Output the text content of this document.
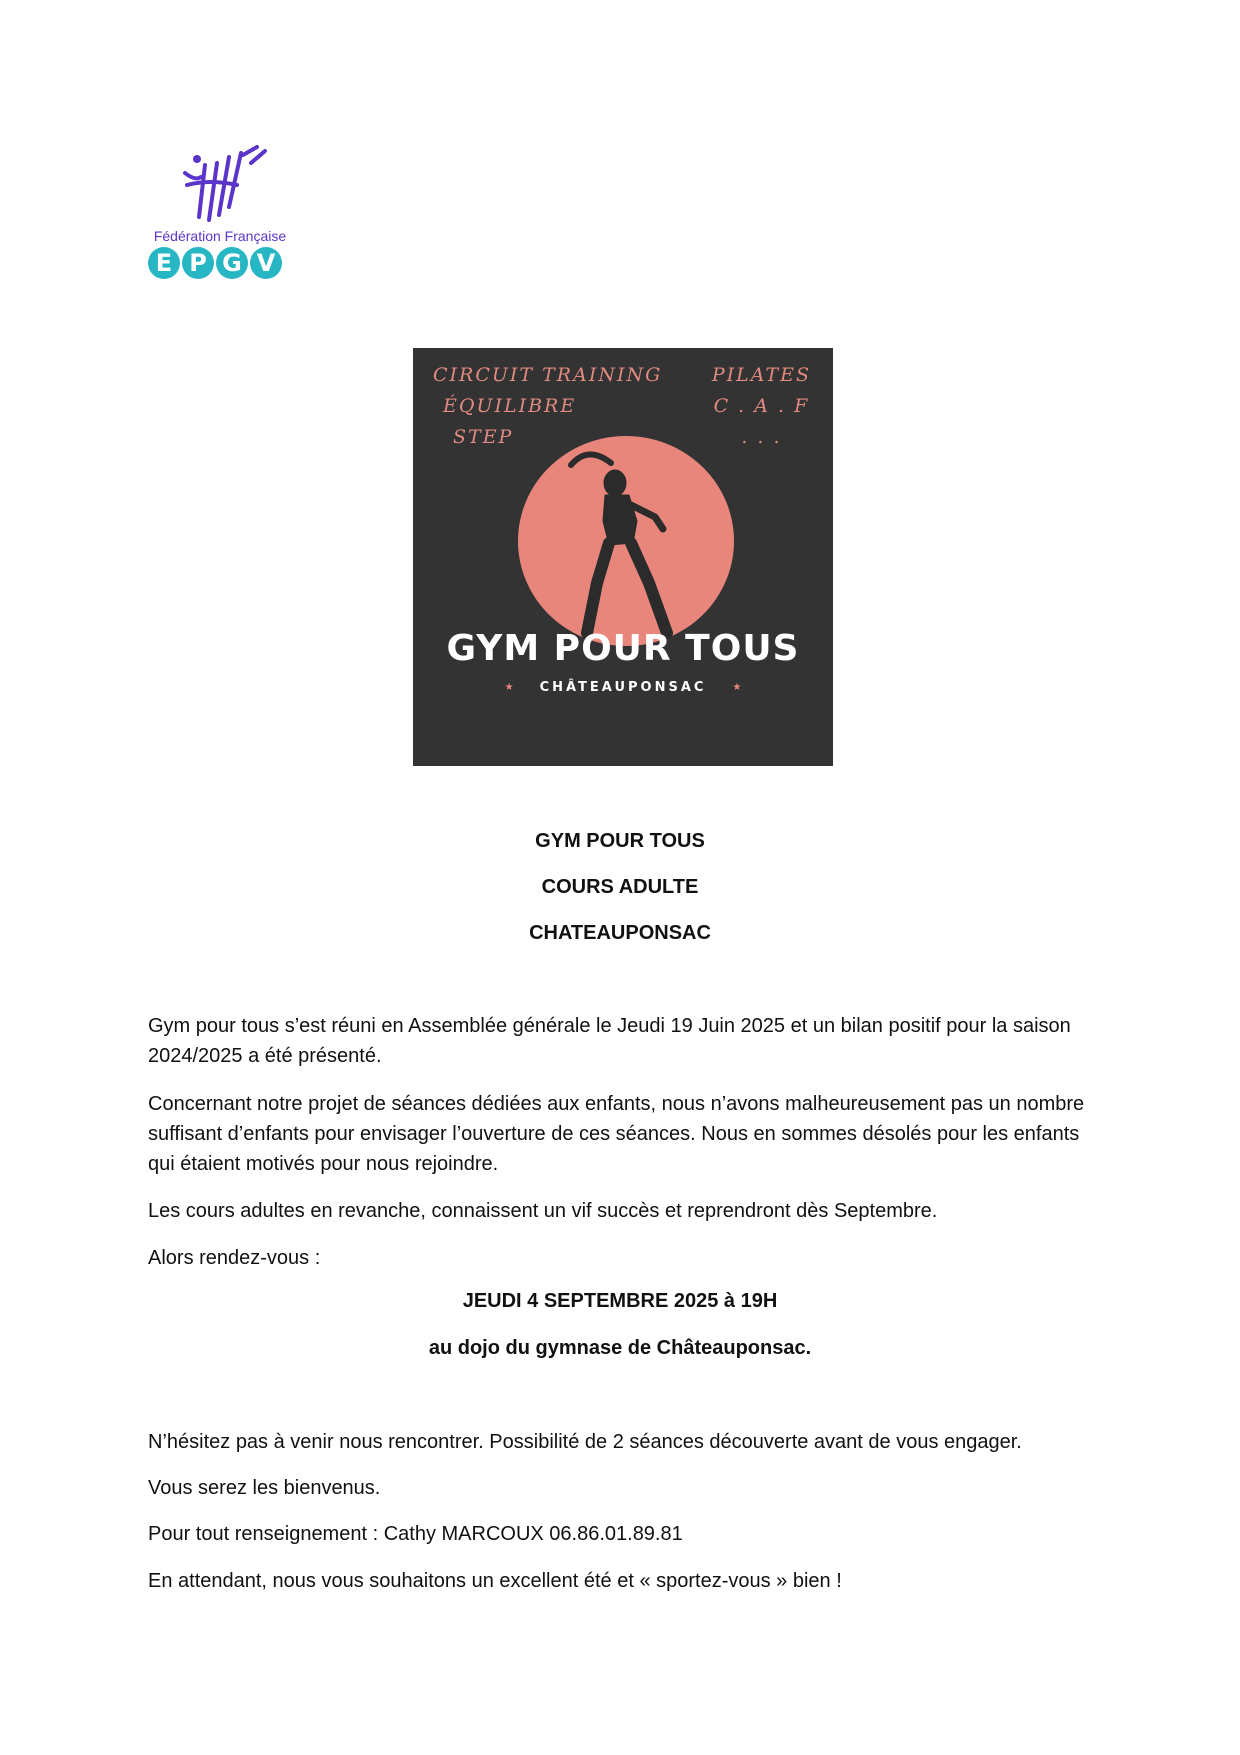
Fédération Française
E P G V
CIRCUIT TRAINING
ÉQUILIBRE
STEP
PILATES
C . A . F
. . .
GYM POUR TOUS
★ CHÂTEAUPONSAC	★
GYM POUR TOUS
COURS ADULTE
CHATEAUPONSAC
Gym pour tous s’est réuni en Assemblée générale le Jeudi 19 Juin 2025 et un bilan positif pour la saison 2024/2025 a été présenté.
Concernant notre projet de séances dédiées aux enfants, nous n’avons malheureusement pas un nombre suffisant d’enfants pour envisager l’ouverture de ces séances. Nous en sommes désolés pour les enfants qui étaient motivés pour nous rejoindre.
Les cours adultes en revanche, connaissent un vif succès et reprendront dès Septembre.
Alors rendez-vous :
JEUDI 4 SEPTEMBRE 2025 à 19H
au dojo du gymnase de Châteauponsac.
N’hésitez pas à venir nous rencontrer. Possibilité de 2 séances découverte avant de vous engager.
Vous serez les bienvenus.
Pour tout renseignement : Cathy MARCOUX 06.86.01.89.81
En attendant, nous vous souhaitons un excellent été et « sportez-vous » bien !
